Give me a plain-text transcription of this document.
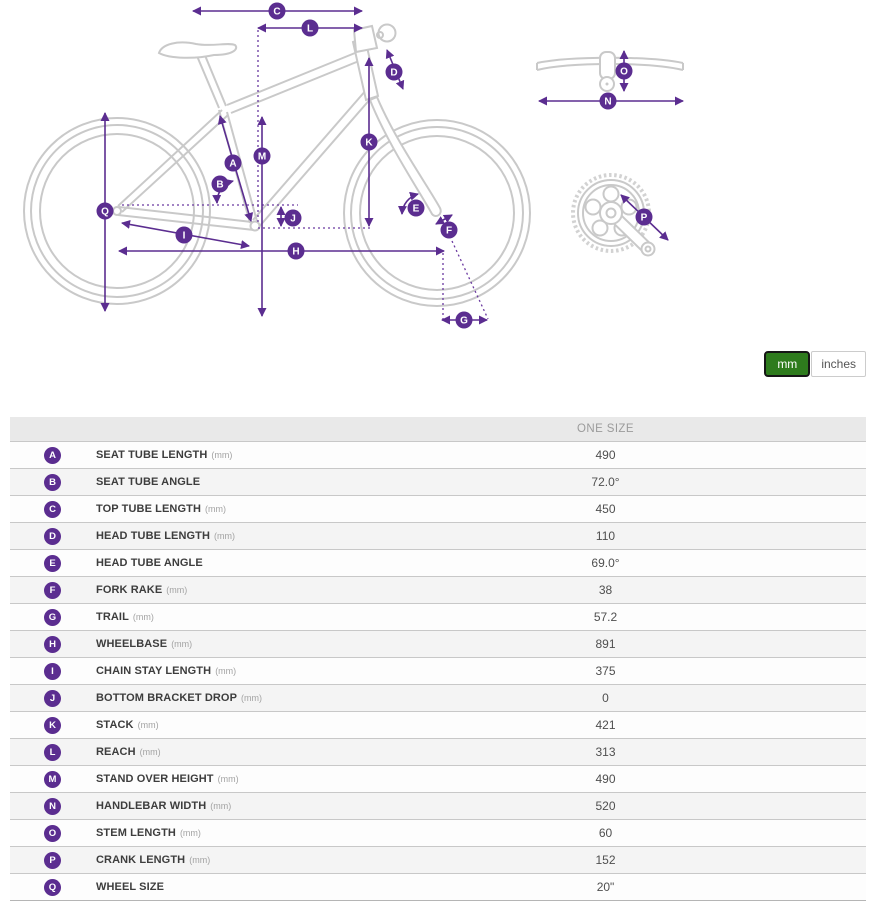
A
B
C
D
E
F
G
H
I
J
K
L
M
N
O
P
Q
mm	inches
ONE SIZE
A	SEAT TUBE LENGTH (mm)	490
B	SEAT TUBE ANGLE	72.0°
C	TOP TUBE LENGTH (mm)	450
D	HEAD TUBE LENGTH (mm)	110
E	HEAD TUBE ANGLE	69.0°
F	FORK RAKE (mm)	38
G	TRAIL (mm)	57.2
H	WHEELBASE (mm)	891
I	CHAIN STAY LENGTH (mm)	375
J	BOTTOM BRACKET DROP (mm)	0
K	STACK (mm)	421
L	REACH (mm)	313
M	STAND OVER HEIGHT (mm)	490
N	HANDLEBAR WIDTH (mm)	520
O	STEM LENGTH (mm)	60
P	CRANK LENGTH (mm)	152
Q	WHEEL SIZE	20"
